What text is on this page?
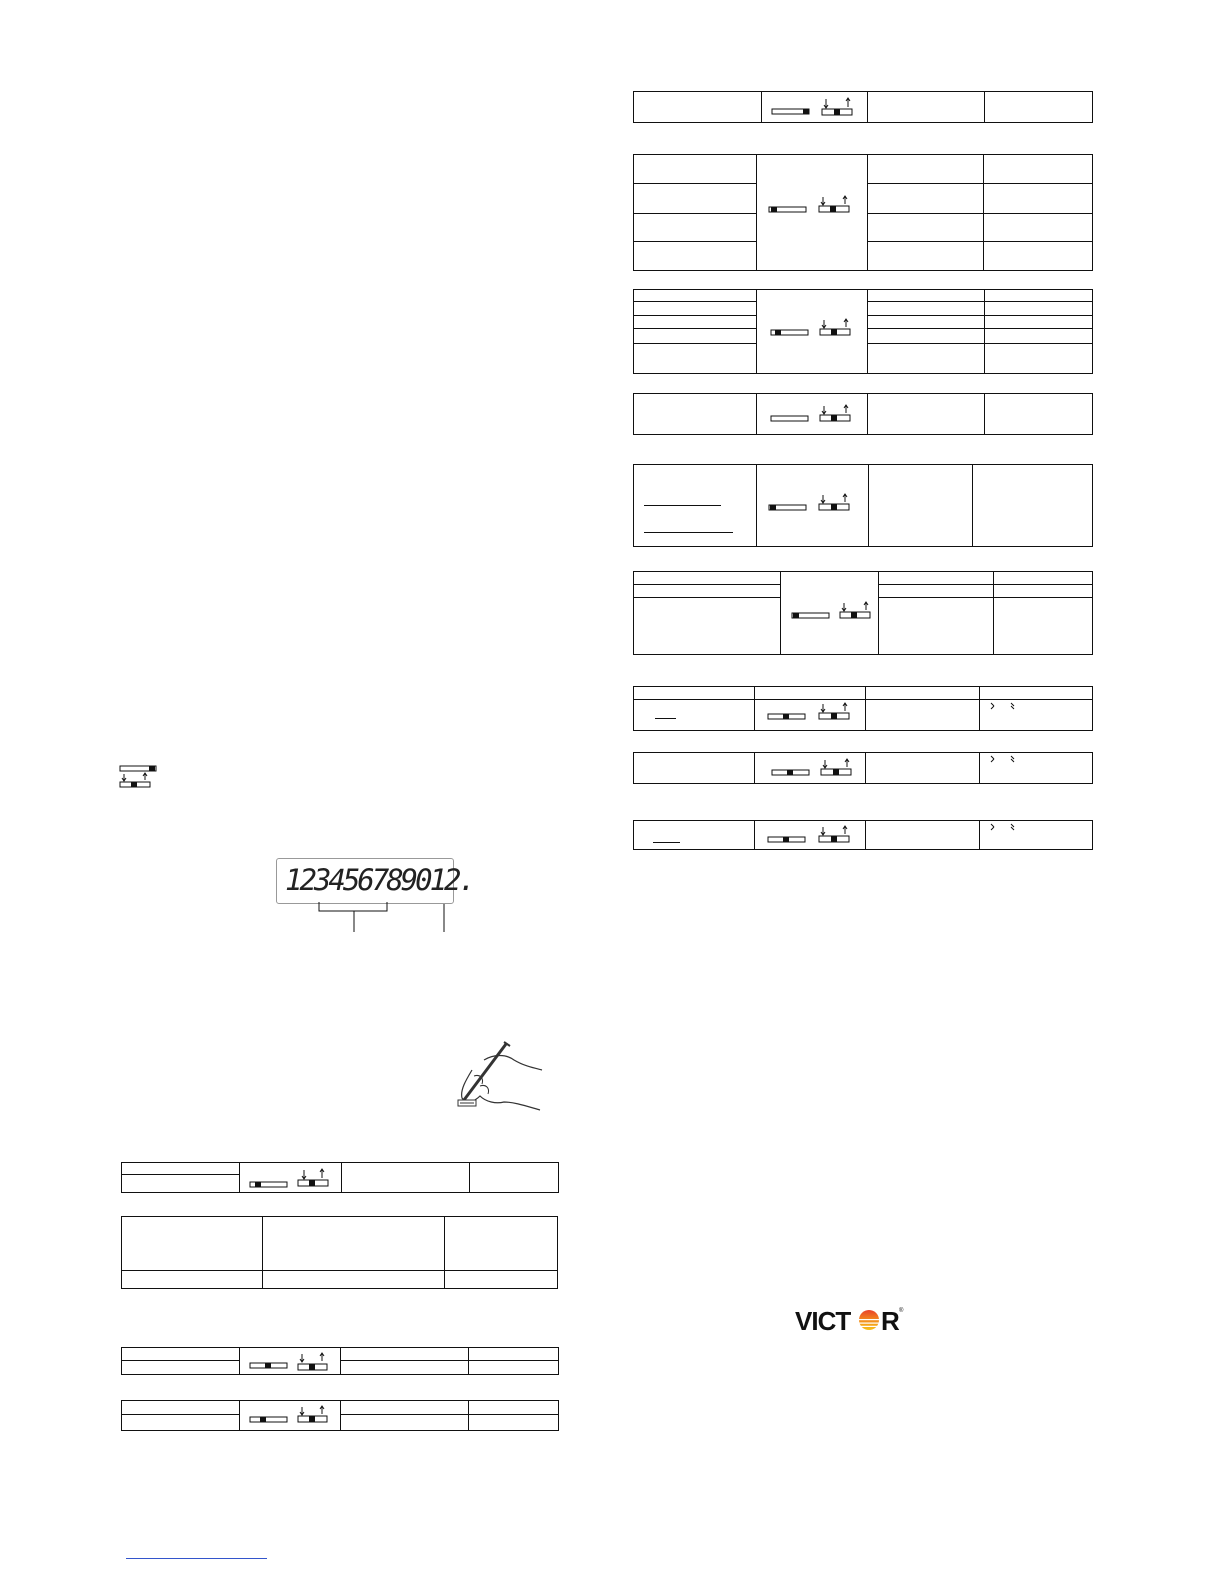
123456789012.

VICT R ®
